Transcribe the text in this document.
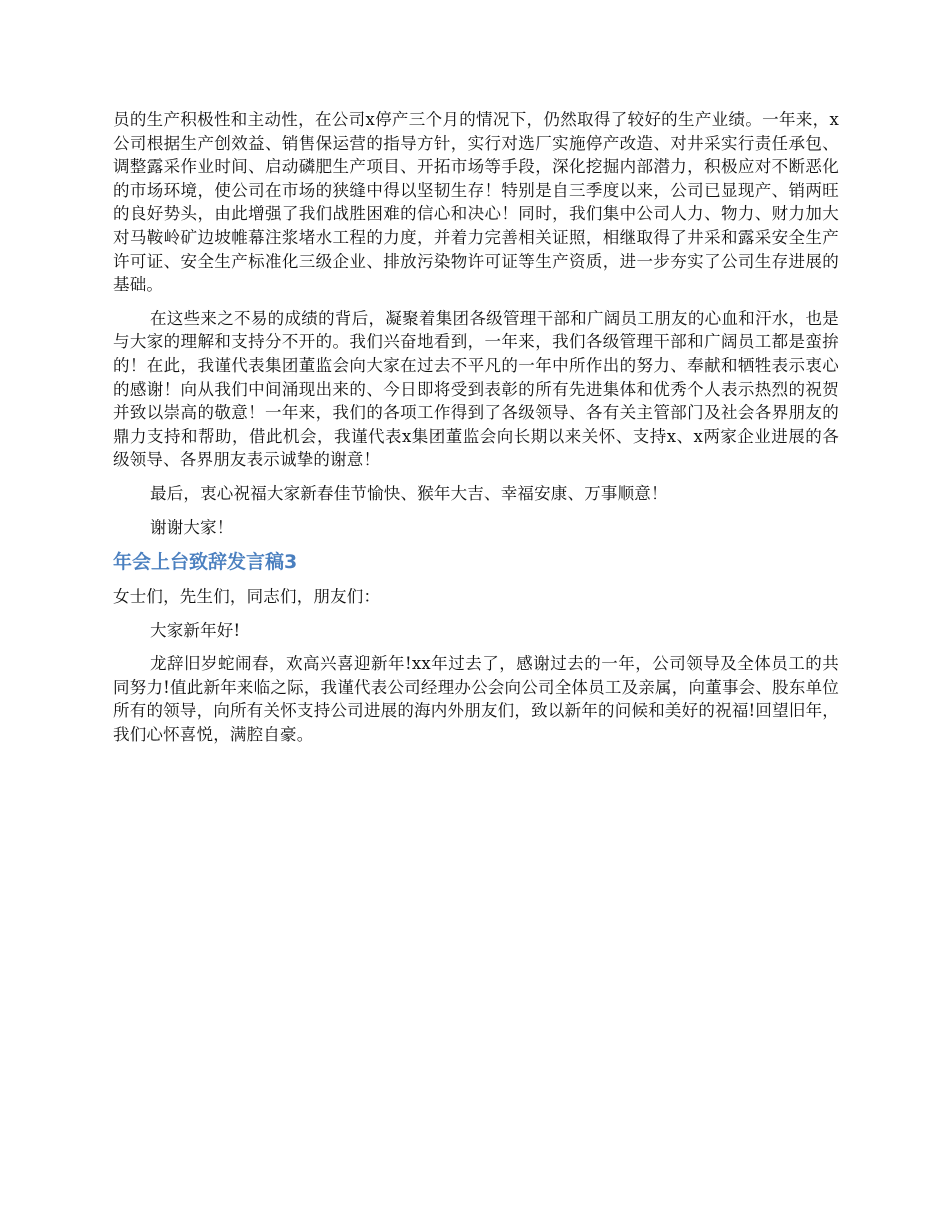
员的生产积极性和主动性，在公司x停产三个月的情况下，仍然取得了较好的生产业绩。一年来，x公司根据生产创效益、销售保运营的指导方针，实行对选厂实施停产改造、对井采实行责任承包、调整露采作业时间、启动磷肥生产项目、开拓市场等手段，深化挖掘内部潜力，积极应对不断恶化的市场环境，使公司在市场的狭缝中得以坚韧生存！特别是自三季度以来，公司已显现产、销两旺的良好势头，由此增强了我们战胜困难的信心和决心！同时，我们集中公司人力、物力、财力加大对马鞍岭矿边坡帷幕注浆堵水工程的力度，并着力完善相关证照，相继取得了井采和露采安全生产许可证、安全生产标准化三级企业、排放污染物许可证等生产资质，进一步夯实了公司生存进展的基础。

在这些来之不易的成绩的背后，凝聚着集团各级管理干部和广阔员工朋友的心血和汗水，也是与大家的理解和支持分不开的。我们兴奋地看到，一年来，我们各级管理干部和广阔员工都是蛮拚的！在此，我谨代表集团董监会向大家在过去不平凡的一年中所作出的努力、奉献和牺牲表示衷心的感谢！向从我们中间涌现出来的、今日即将受到表彰的所有先进集体和优秀个人表示热烈的祝贺并致以崇高的敬意！一年来，我们的各项工作得到了各级领导、各有关主管部门及社会各界朋友的鼎力支持和帮助，借此机会，我谨代表x集团董监会向长期以来关怀、支持x、x两家企业进展的各级领导、各界朋友表示诚挚的谢意！

最后，衷心祝福大家新春佳节愉快、猴年大吉、幸福安康、万事顺意！

谢谢大家！

年会上台致辞发言稿3

女士们，先生们，同志们，朋友们：

大家新年好!

龙辞旧岁蛇闹春，欢高兴喜迎新年!xx年过去了，感谢过去的一年，公司领导及全体员工的共同努力!值此新年来临之际，我谨代表公司经理办公会向公司全体员工及亲属，向董事会、股东单位所有的领导，向所有关怀支持公司进展的海内外朋友们，致以新年的问候和美好的祝福!回望旧年，我们心怀喜悦，满腔自豪。
